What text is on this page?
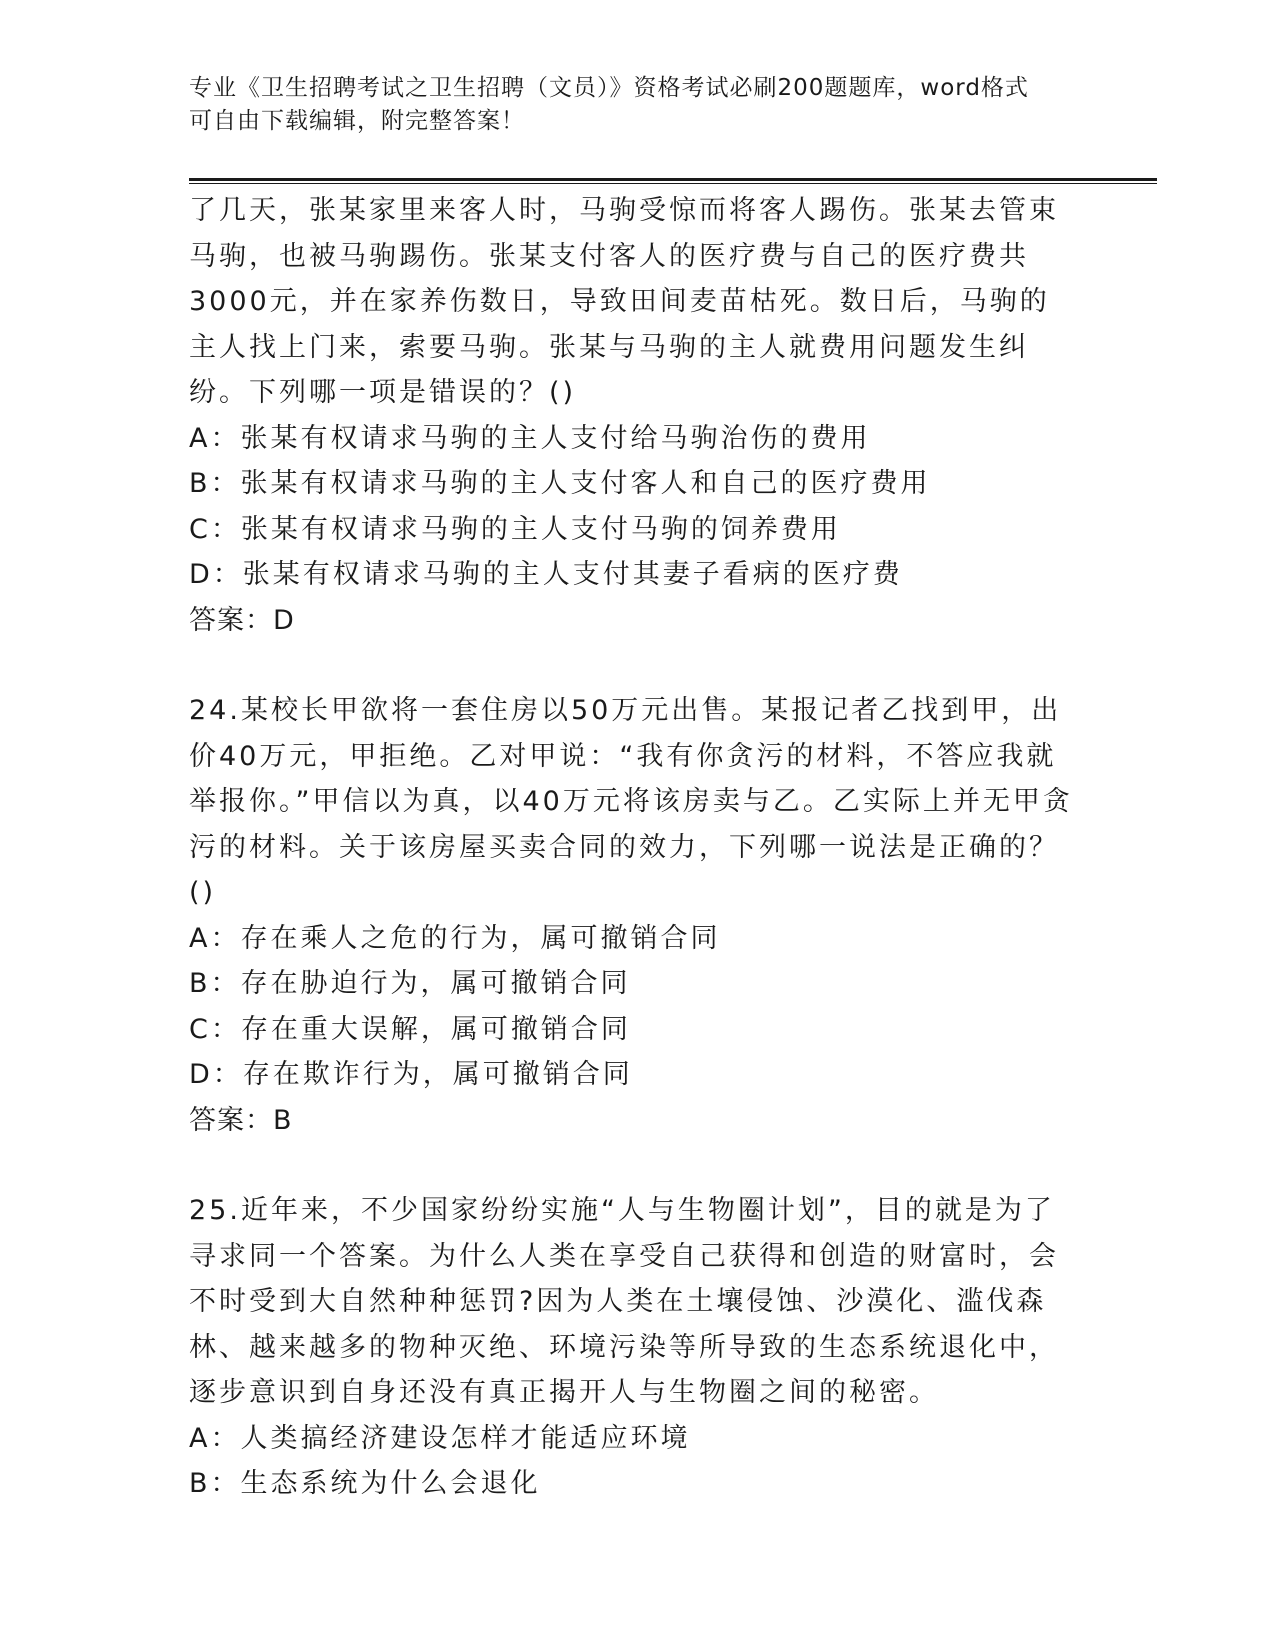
专业《卫生招聘考试之卫生招聘（文员）》资格考试必刷200题题库，word格式
可自由下载编辑，附完整答案！

了几天，张某家里来客人时，马驹受惊而将客人踢伤。张某去管束马驹，也被马驹踢伤。张某支付客人的医疗费与自己的医疗费共3000元，并在家养伤数日，导致田间麦苗枯死。数日后，马驹的主人找上门来，索要马驹。张某与马驹的主人就费用问题发生纠纷。下列哪一项是错误的？()

A：张某有权请求马驹的主人支付给马驹治伤的费用

B：张某有权请求马驹的主人支付客人和自己的医疗费用

C：张某有权请求马驹的主人支付马驹的饲养费用

D：张某有权请求马驹的主人支付其妻子看病的医疗费

答案：D

24.某校长甲欲将一套住房以50万元出售。某报记者乙找到甲，出价40万元，甲拒绝。乙对甲说：“我有你贪污的材料，不答应我就举报你。”甲信以为真，以40万元将该房卖与乙。乙实际上并无甲贪污的材料。关于该房屋买卖合同的效力，下列哪一说法是正确的？()

A：存在乘人之危的行为，属可撤销合同

B：存在胁迫行为，属可撤销合同

C：存在重大误解，属可撤销合同

D：存在欺诈行为，属可撤销合同

答案：B

25.近年来，不少国家纷纷实施“人与生物圈计划”，目的就是为了寻求同一个答案。为什么人类在享受自己获得和创造的财富时，会不时受到大自然种种惩罚?因为人类在土壤侵蚀、沙漠化、滥伐森林、越来越多的物种灭绝、环境污染等所导致的生态系统退化中，逐步意识到自身还没有真正揭开人与生物圈之间的秘密。

A：人类搞经济建设怎样才能适应环境

B：生态系统为什么会退化
